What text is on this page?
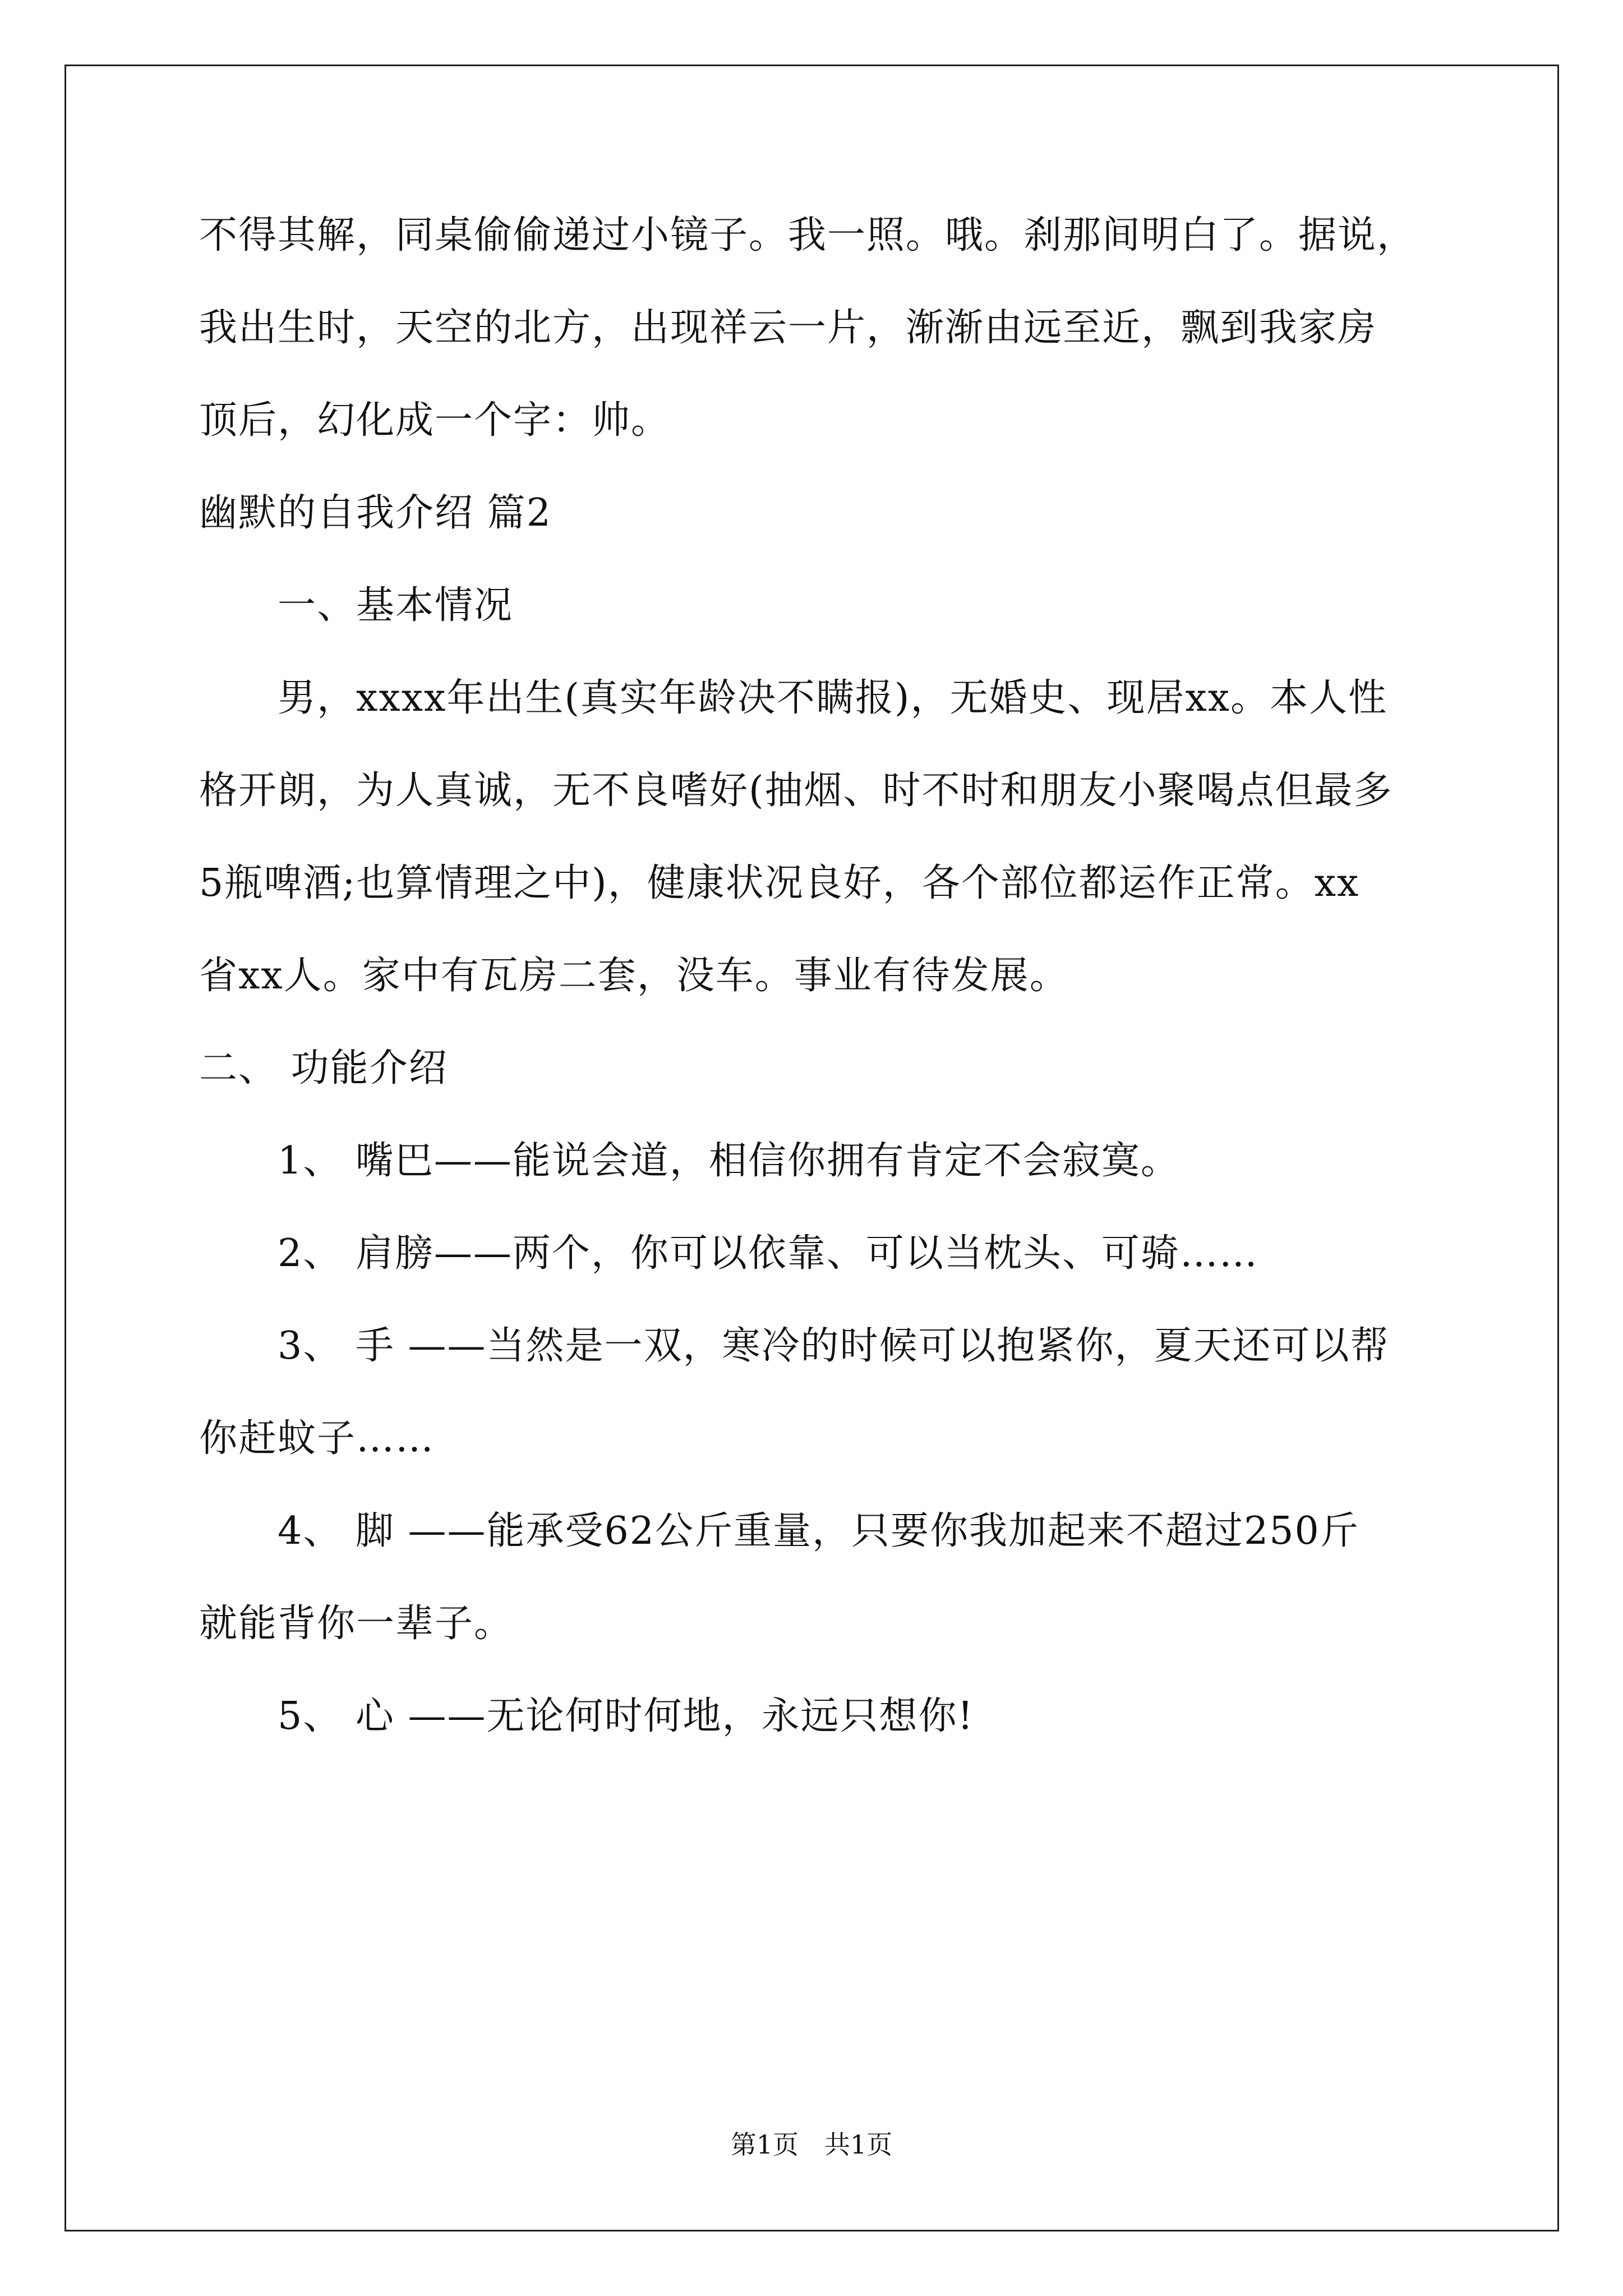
不得其解，同桌偷偷递过小镜子。我一照。哦。刹那间明白了。据说，
我出生时，天空的北方，出现祥云一片，渐渐由远至近，飘到我家房
顶后，幻化成一个字：帅。
幽默的自我介绍 篇2
一、基本情况
男，xxxx年出生(真实年龄决不瞒报)，无婚史、现居xx。本人性
格开朗，为人真诚，无不良嗜好(抽烟、时不时和朋友小聚喝点但最多
5瓶啤酒;也算情理之中)，健康状况良好，各个部位都运作正常。xx
省xx人。家中有瓦房二套，没车。事业有待发展。
二、 功能介绍
1、 嘴巴——能说会道，相信你拥有肯定不会寂寞。
2、 肩膀——两个，你可以依靠、可以当枕头、可骑……
3、 手 ——当然是一双，寒冷的时候可以抱紧你，夏天还可以帮
你赶蚊子……
4、 脚 ——能承受62公斤重量，只要你我加起来不超过250斤
就能背你一辈子。
5、 心 ——无论何时何地，永远只想你!
第1页　共1页
